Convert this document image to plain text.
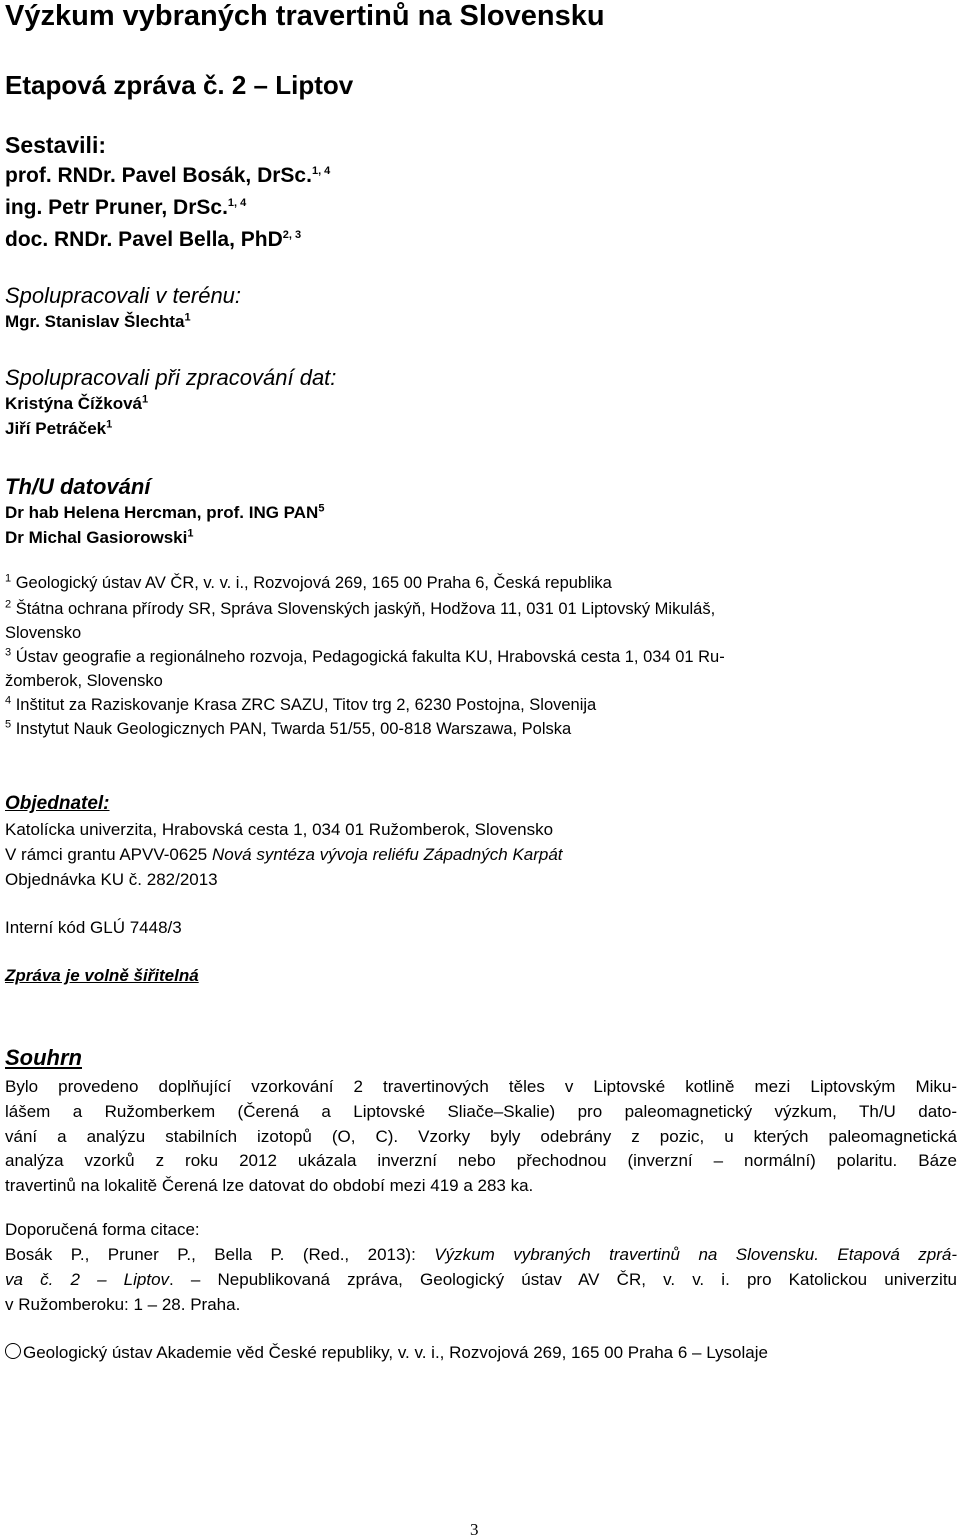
Výzkum vybraných travertinů na Slovensku
Etapová zpráva č. 2 – Liptov
Sestavili:
prof. RNDr. Pavel Bosák, DrSc.$^{1, 4}$
ing. Petr Pruner, DrSc.$^{1, 4}$
doc. RNDr. Pavel Bella, PhD$^{2, 3}$
Spolupracovali v terénu:
Mgr. Stanislav Šlechta$^1$
Spolupracovali při zpracování dat:
Kristýna Čížková$^1$
Jiří Petráček$^1$
Th/U datování
Dr hab Helena Hercman, prof. ING PAN$^5$
Dr Michal Gasiorowski$^1$
$^1$ Geologický ústav AV ČR, v. v. i., Rozvojová 269, 165 00 Praha 6, Česká republika
$^2$ Štátna ochrana přírody SR, Správa Slovenských jaskýň, Hodžova 11, 031 01 Liptovský Mikuláš,
Slovensko
$^3$ Ústav geografie a regionálneho rozvoja, Pedagogická fakulta KU, Hrabovská cesta 1, 034 01 Ru-
žomberok, Slovensko
$^4$ Inštitut za Raziskovanje Krasa ZRC SAZU, Titov trg 2, 6230 Postojna, Slovenija
$^5$ Instytut Nauk Geologicznych PAN, Twarda 51/55, 00-818 Warszawa, Polska
Objednatel:
Katolícka univerzita, Hrabovská cesta 1, 034 01 Ružomberok, Slovensko
V rámci grantu APVV-0625 Nová syntéza vývoja reliéfu Západných Karpát
Objednávka KU č. 282/2013
Interní kód GLÚ 7448/3
Zpráva je volně šiřitelná
Souhrn
Bylo provedeno doplňující vzorkování 2 travertinových těles v Liptovské kotlině mezi Liptovským Miku-
lášem a Ružomberkem (Čerená a Liptovské Sliače–Skalie) pro paleomagnetický výzkum, Th/U dato-
vání a analýzu stabilních izotopů (O, C). Vzorky byly odebrány z pozic, u kterých paleomagnetická
analýza vzorků z roku 2012 ukázala inverzní nebo přechodnou (inverzní – normální) polaritu. Báze
travertinů na lokalitě Čerená lze datovat do období mezi 419 a 283 ka.
Doporučená forma citace:
Bosák P., Pruner P., Bella P. (Red., 2013): Výzkum vybraných travertinů na Slovensku. Etapová zprá-
va č. 2 – Liptov. – Nepublikovaná zpráva, Geologický ústav AV ČR, v. v. i. pro Katolickou univerzitu
v Ružomberoku: 1 – 28. Praha.
Geologický ústav Akademie věd České republiky, v. v. i., Rozvojová 269, 165 00 Praha 6 – Lysolaje
3
